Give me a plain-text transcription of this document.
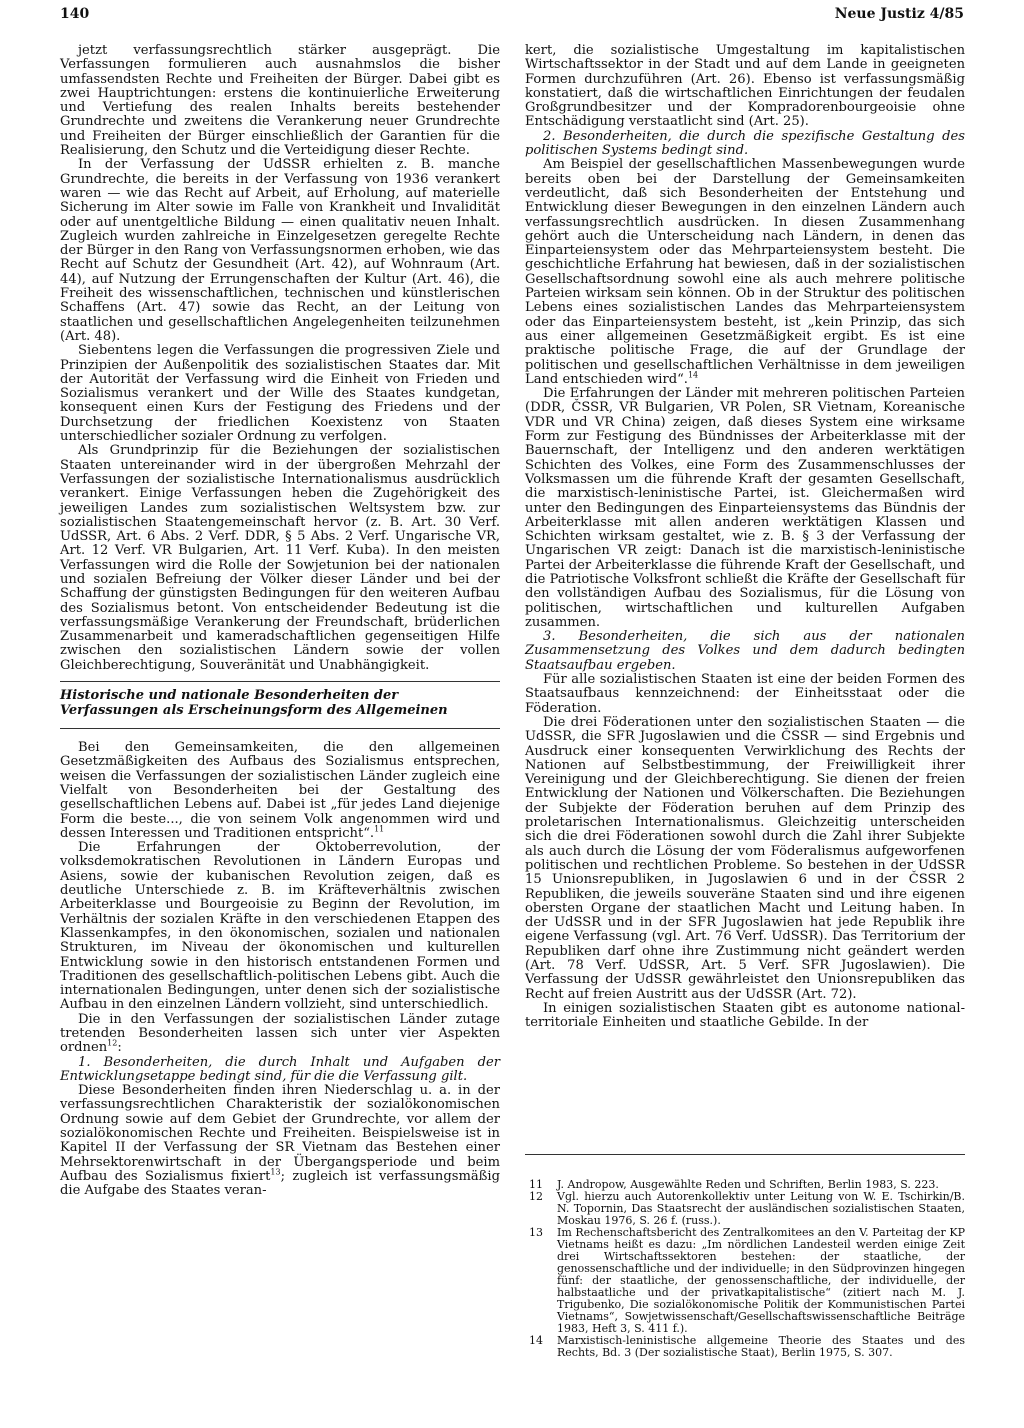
140	Neue Justiz 4/85

jetzt verfassungsrechtlich stärker ausgeprägt. Die Verfassungen formulieren auch ausnahmslos die bisher umfassendsten Rechte und Freiheiten der Bürger. Dabei gibt es zwei Hauptrichtungen: erstens die kontinuierliche Erweiterung und Vertiefung des realen Inhalts bereits bestehender Grundrechte und zweitens die Verankerung neuer Grundrechte und Freiheiten der Bürger einschließlich der Garantien für die Realisierung, den Schutz und die Verteidigung dieser Rechte.

In der Verfassung der UdSSR erhielten z. B. manche Grundrechte, die bereits in der Verfassung von 1936 verankert waren — wie das Recht auf Arbeit, auf Erholung, auf materielle Sicherung im Alter sowie im Falle von Krankheit und Invalidität oder auf unentgeltliche Bildung — einen qualitativ neuen Inhalt. Zugleich wurden zahlreiche in Einzelgesetzen geregelte Rechte der Bürger in den Rang von Verfassungsnormen erhoben, wie das Recht auf Schutz der Gesundheit (Art. 42), auf Wohnraum (Art. 44), auf Nutzung der Errungenschaften der Kultur (Art. 46), die Freiheit des wissenschaftlichen, technischen und künstlerischen Schaffens (Art. 47) sowie das Recht, an der Leitung von staatlichen und gesellschaftlichen Angelegenheiten teilzunehmen (Art. 48).

Siebentens legen die Verfassungen die progressiven Ziele und Prinzipien der Außenpolitik des sozialistischen Staates dar. Mit der Autorität der Verfassung wird die Einheit von Frieden und Sozialismus verankert und der Wille des Staates kundgetan, konsequent einen Kurs der Festigung des Friedens und der Durchsetzung der friedlichen Koexistenz von Staaten unterschiedlicher sozialer Ordnung zu verfolgen.

Als Grundprinzip für die Beziehungen der sozialistischen Staaten untereinander wird in der übergroßen Mehrzahl der Verfassungen der sozialistische Internationalismus ausdrücklich verankert. Einige Verfassungen heben die Zugehörigkeit des jeweiligen Landes zum sozialistischen Weltsystem bzw. zur sozialistischen Staatengemeinschaft hervor (z. B. Art. 30 Verf. UdSSR, Art. 6 Abs. 2 Verf. DDR, § 5 Abs. 2 Verf. Ungarische VR, Art. 12 Verf. VR Bulgarien, Art. 11 Verf. Kuba). In den meisten Verfassungen wird die Rolle der Sowjetunion bei der nationalen und sozialen Befreiung der Völker dieser Länder und bei der Schaffung der günstigsten Bedingungen für den weiteren Aufbau des Sozialismus betont. Von entscheidender Bedeutung ist die verfassungsmäßige Verankerung der Freundschaft, brüderlichen Zusammenarbeit und kameradschaftlichen gegenseitigen Hilfe zwischen den sozialistischen Ländern sowie der vollen Gleichberechtigung, Souveränität und Unabhängigkeit.

Historische und nationale Besonderheiten der Verfassungen als Erscheinungsform des Allgemeinen

Bei den Gemeinsamkeiten, die den allgemeinen Gesetzmäßigkeiten des Aufbaus des Sozialismus entsprechen, weisen die Verfassungen der sozialistischen Länder zugleich eine Vielfalt von Besonderheiten bei der Gestaltung des gesellschaftlichen Lebens auf. Dabei ist „für jedes Land diejenige Form die beste..., die von seinem Volk angenommen wird und dessen Interessen und Traditionen entspricht“.$^{11}$

Die Erfahrungen der Oktoberrevolution, der volksdemokratischen Revolutionen in Ländern Europas und Asiens, sowie der kubanischen Revolution zeigen, daß es deutliche Unterschiede z. B. im Kräfteverhältnis zwischen Arbeiterklasse und Bourgeoisie zu Beginn der Revolution, im Verhältnis der sozialen Kräfte in den verschiedenen Etappen des Klassenkampfes, in den ökonomischen, sozialen und nationalen Strukturen, im Niveau der ökonomischen und kulturellen Entwicklung sowie in den historisch entstandenen Formen und Traditionen des gesellschaftlich-politischen Lebens gibt. Auch die internationalen Bedingungen, unter denen sich der sozialistische Aufbau in den einzelnen Ländern vollzieht, sind unterschiedlich.

Die in den Verfassungen der sozialistischen Länder zutage tretenden Besonderheiten lassen sich unter vier Aspekten ordnen$^{12}$:

1. Besonderheiten, die durch Inhalt und Aufgaben der Entwicklungsetappe bedingt sind, für die die Verfassung gilt.

Diese Besonderheiten finden ihren Niederschlag u. a. in der verfassungsrechtlichen Charakteristik der sozialökonomischen Ordnung sowie auf dem Gebiet der Grundrechte, vor allem der sozialökonomischen Rechte und Freiheiten. Beispielsweise ist in Kapitel II der Verfassung der SR Vietnam das Bestehen einer Mehrsektorenwirtschaft in der Übergangsperiode und beim Aufbau des Sozialismus fixiert$^{13}$; zugleich ist verfassungsmäßig die Aufgabe des Staates veran-

kert, die sozialistische Umgestaltung im kapitalistischen Wirtschaftssektor in der Stadt und auf dem Lande in geeigneten Formen durchzuführen (Art. 26). Ebenso ist verfassungsmäßig konstatiert, daß die wirtschaftlichen Einrichtungen der feudalen Großgrundbesitzer und der Kompradorenbourgeoisie ohne Entschädigung verstaatlicht sind (Art. 25).

2. Besonderheiten, die durch die spezifische Gestaltung des politischen Systems bedingt sind.

Am Beispiel der gesellschaftlichen Massenbewegungen wurde bereits oben bei der Darstellung der Gemeinsamkeiten verdeutlicht, daß sich Besonderheiten der Entstehung und Entwicklung dieser Bewegungen in den einzelnen Ländern auch verfassungsrechtlich ausdrücken. In diesen Zusammenhang gehört auch die Unterscheidung nach Ländern, in denen das Einparteiensystem oder das Mehrparteiensystem besteht. Die geschichtliche Erfahrung hat bewiesen, daß in der sozialistischen Gesellschaftsordnung sowohl eine als auch mehrere politische Parteien wirksam sein können. Ob in der Struktur des politischen Lebens eines sozialistischen Landes das Mehrparteiensystem oder das Einparteiensystem besteht, ist „kein Prinzip, das sich aus einer allgemeinen Gesetzmäßigkeit ergibt. Es ist eine praktische politische Frage, die auf der Grundlage der politischen und gesellschaftlichen Verhältnisse in dem jeweiligen Land entschieden wird“.$^{14}$

Die Erfahrungen der Länder mit mehreren politischen Parteien (DDR, ČSSR, VR Bulgarien, VR Polen, SR Vietnam, Koreanische VDR und VR China) zeigen, daß dieses System eine wirksame Form zur Festigung des Bündnisses der Arbeiterklasse mit der Bauernschaft, der Intelligenz und den anderen werktätigen Schichten des Volkes, eine Form des Zusammenschlusses der Volksmassen um die führende Kraft der gesamten Gesellschaft, die marxistisch-leninistische Partei, ist. Gleichermaßen wird unter den Bedingungen des Einparteiensystems das Bündnis der Arbeiterklasse mit allen anderen werktätigen Klassen und Schichten wirksam gestaltet, wie z. B. § 3 der Verfassung der Ungarischen VR zeigt: Danach ist die marxistisch-leninistische Partei der Arbeiterklasse die führende Kraft der Gesellschaft, und die Patriotische Volksfront schließt die Kräfte der Gesellschaft für den vollständigen Aufbau des Sozialismus, für die Lösung von politischen, wirtschaftlichen und kulturellen Aufgaben zusammen.

3. Besonderheiten, die sich aus der nationalen Zusammensetzung des Volkes und dem dadurch bedingten Staatsaufbau ergeben.

Für alle sozialistischen Staaten ist eine der beiden Formen des Staatsaufbaus kennzeichnend: der Einheitsstaat oder die Föderation.

Die drei Föderationen unter den sozialistischen Staaten — die UdSSR, die SFR Jugoslawien und die ČSSR — sind Ergebnis und Ausdruck einer konsequenten Verwirklichung des Rechts der Nationen auf Selbstbestimmung, der Freiwilligkeit ihrer Vereinigung und der Gleichberechtigung. Sie dienen der freien Entwicklung der Nationen und Völkerschaften. Die Beziehungen der Subjekte der Föderation beruhen auf dem Prinzip des proletarischen Internationalismus. Gleichzeitig unterscheiden sich die drei Föderationen sowohl durch die Zahl ihrer Subjekte als auch durch die Lösung der vom Föderalismus aufgeworfenen politischen und rechtlichen Probleme. So bestehen in der UdSSR 15 Unionsrepubliken, in Jugoslawien 6 und in der ČSSR 2 Republiken, die jeweils souveräne Staaten sind und ihre eigenen obersten Organe der staatlichen Macht und Leitung haben. In der UdSSR und in der SFR Jugoslawien hat jede Republik ihre eigene Verfassung (vgl. Art. 76 Verf. UdSSR). Das Territorium der Republiken darf ohne ihre Zustimmung nicht geändert werden (Art. 78 Verf. UdSSR, Art. 5 Verf. SFR Jugoslawien). Die Verfassung der UdSSR gewährleistet den Unionsrepubliken das Recht auf freien Austritt aus der UdSSR (Art. 72).

In einigen sozialistischen Staaten gibt es autonome national-territoriale Einheiten und staatliche Gebilde. In der

11 J. Andropow, Ausgewählte Reden und Schriften, Berlin 1983, S. 223.

12 Vgl. hierzu auch Autorenkollektiv unter Leitung von W. E. Tschirkin/B. N. Topornin, Das Staatsrecht der ausländischen sozialistischen Staaten, Moskau 1976, S. 26 f. (russ.).

13 Im Rechenschaftsbericht des Zentralkomitees an den V. Parteitag der KP Vietnams heißt es dazu: „Im nördlichen Landesteil werden einige Zeit drei Wirtschaftssektoren bestehen: der staatliche, der genossenschaftliche und der individuelle; in den Südprovinzen hingegen fünf: der staatliche, der genossenschaftliche, der individuelle, der halbstaatliche und der privatkapitalistische“ (zitiert nach M. J. Trigubenko, Die sozialökonomische Politik der Kommunistischen Partei Vietnams“, Sowjetwissenschaft/Gesellschaftswissenschaftliche Beiträge 1983, Heft 3, S. 411 f.).

14 Marxistisch-leninistische allgemeine Theorie des Staates und des Rechts, Bd. 3 (Der sozialistische Staat), Berlin 1975, S. 307.
